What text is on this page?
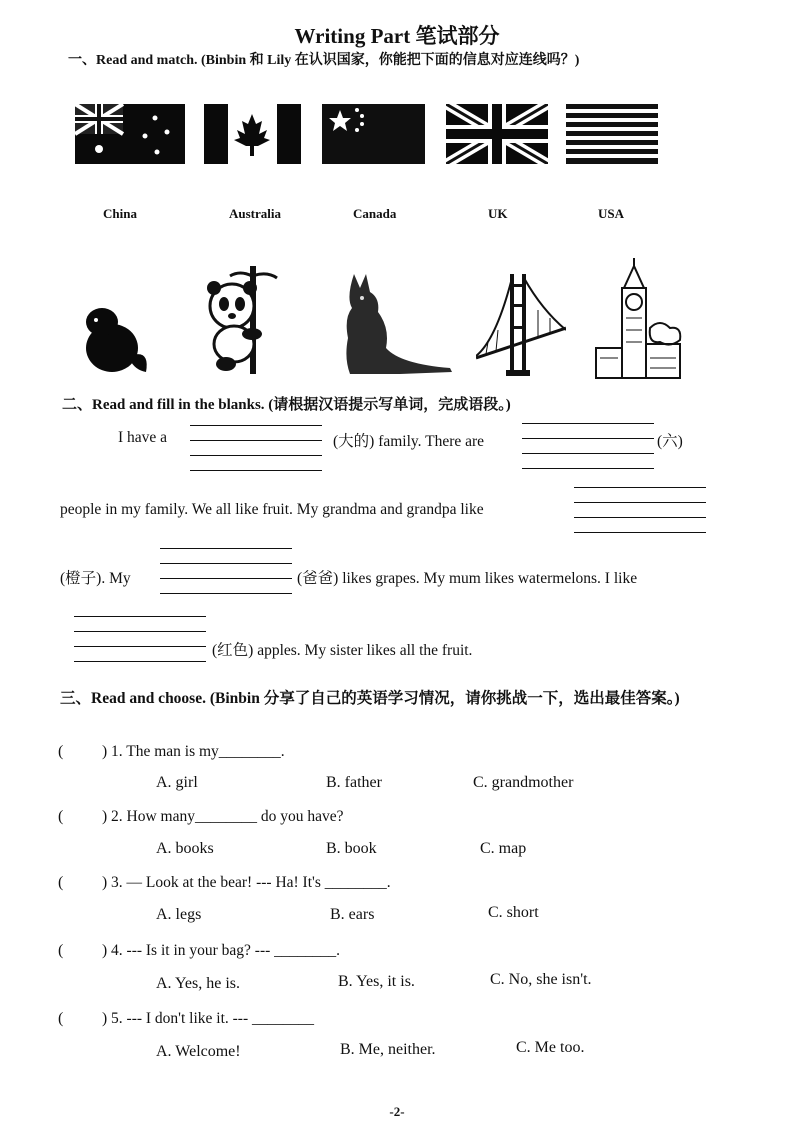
Writing Part 笔试部分
一、Read and match. (Binbin 和 Lily 在认识国家，你能把下面的信息对应连线吗？)
China	Australia	Canada	UK	USA
二、Read and fill in the blanks. (请根据汉语提示写单词，完成语段。)
I have a	(大的) family. There are	(六)
people in my family. We all like fruit. My grandma and grandpa like
(橙子). My	(爸爸) likes grapes. My mum likes watermelons. I like
(红色) apples. My sister likes all the fruit.
三、Read and choose. (Binbin 分享了自己的英语学习情况，请你挑战一下，选出最佳答案。)
( ) 1. The man is my________.
A. girl	B. father	C. grandmother
( ) 2. How many________ do you have?
A. books	B. book	C. map
( ) 3. — Look at the bear! --- Ha! It's ________.
A. legs	B. ears	C. short
( ) 4. --- Is it in your bag? --- ________.
A. Yes, he is.	B. Yes, it is.	C. No, she isn't.
( ) 5. --- I don't like it. --- ________
A. Welcome!	B. Me, neither.	C. Me too.
-2-
